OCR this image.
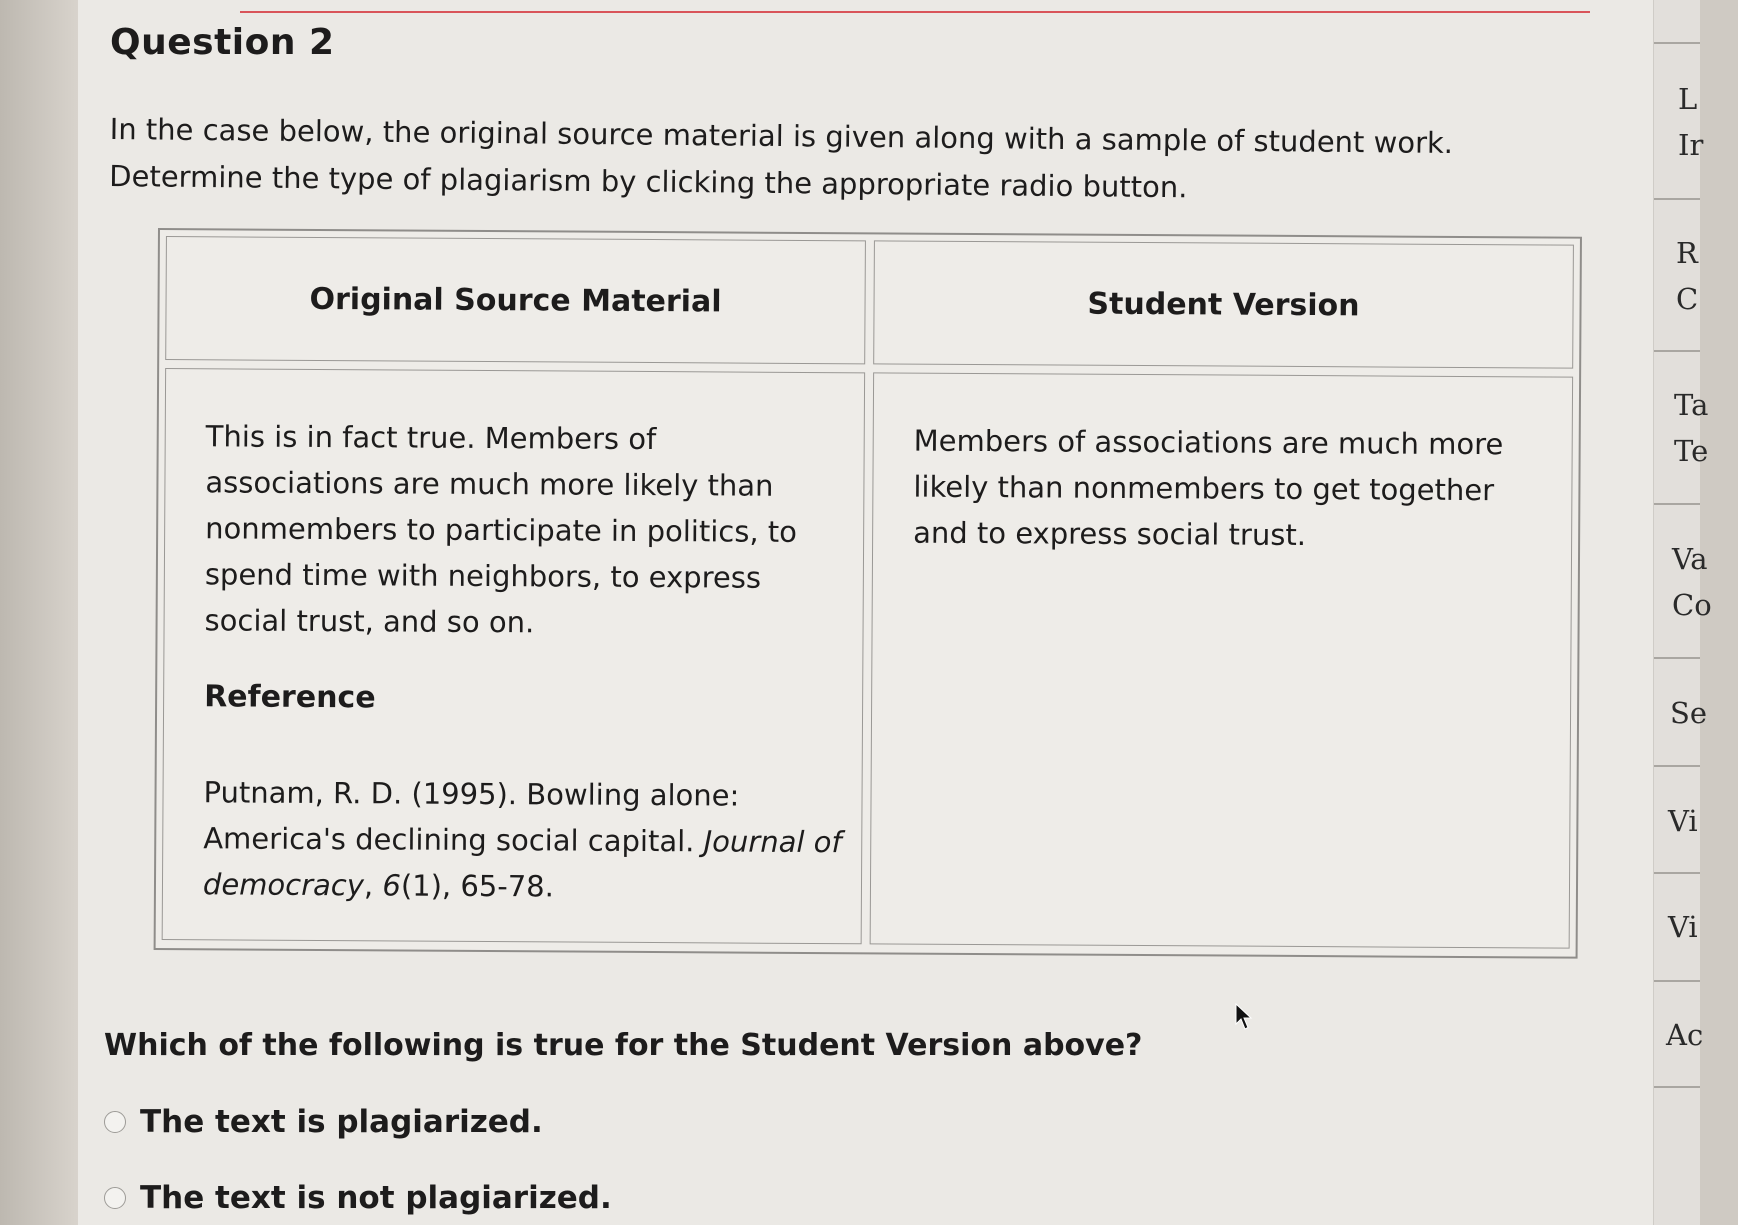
Question 2
In the case below, the original source material is given along with a sample of student work.
Determine the type of plagiarism by clicking the appropriate radio button.
Original Source Material	Student Version
This is in fact true. Members of associations are much more likely than nonmembers to participate in politics, to spend time with neighbors, to express social trust, and so on.
Reference
Putnam, R. D. (1995). Bowling alone: America's declining social capital. Journal of democracy, 6(1), 65-78.
Members of associations are much more likely than nonmembers to get together and to express social trust.
Which of the following is true for the Student Version above?
The text is plagiarized.
The text is not plagiarized.
L
Ir
R
C
Ta
Te
Va
Co
Se
Vi
Vi
Ac
